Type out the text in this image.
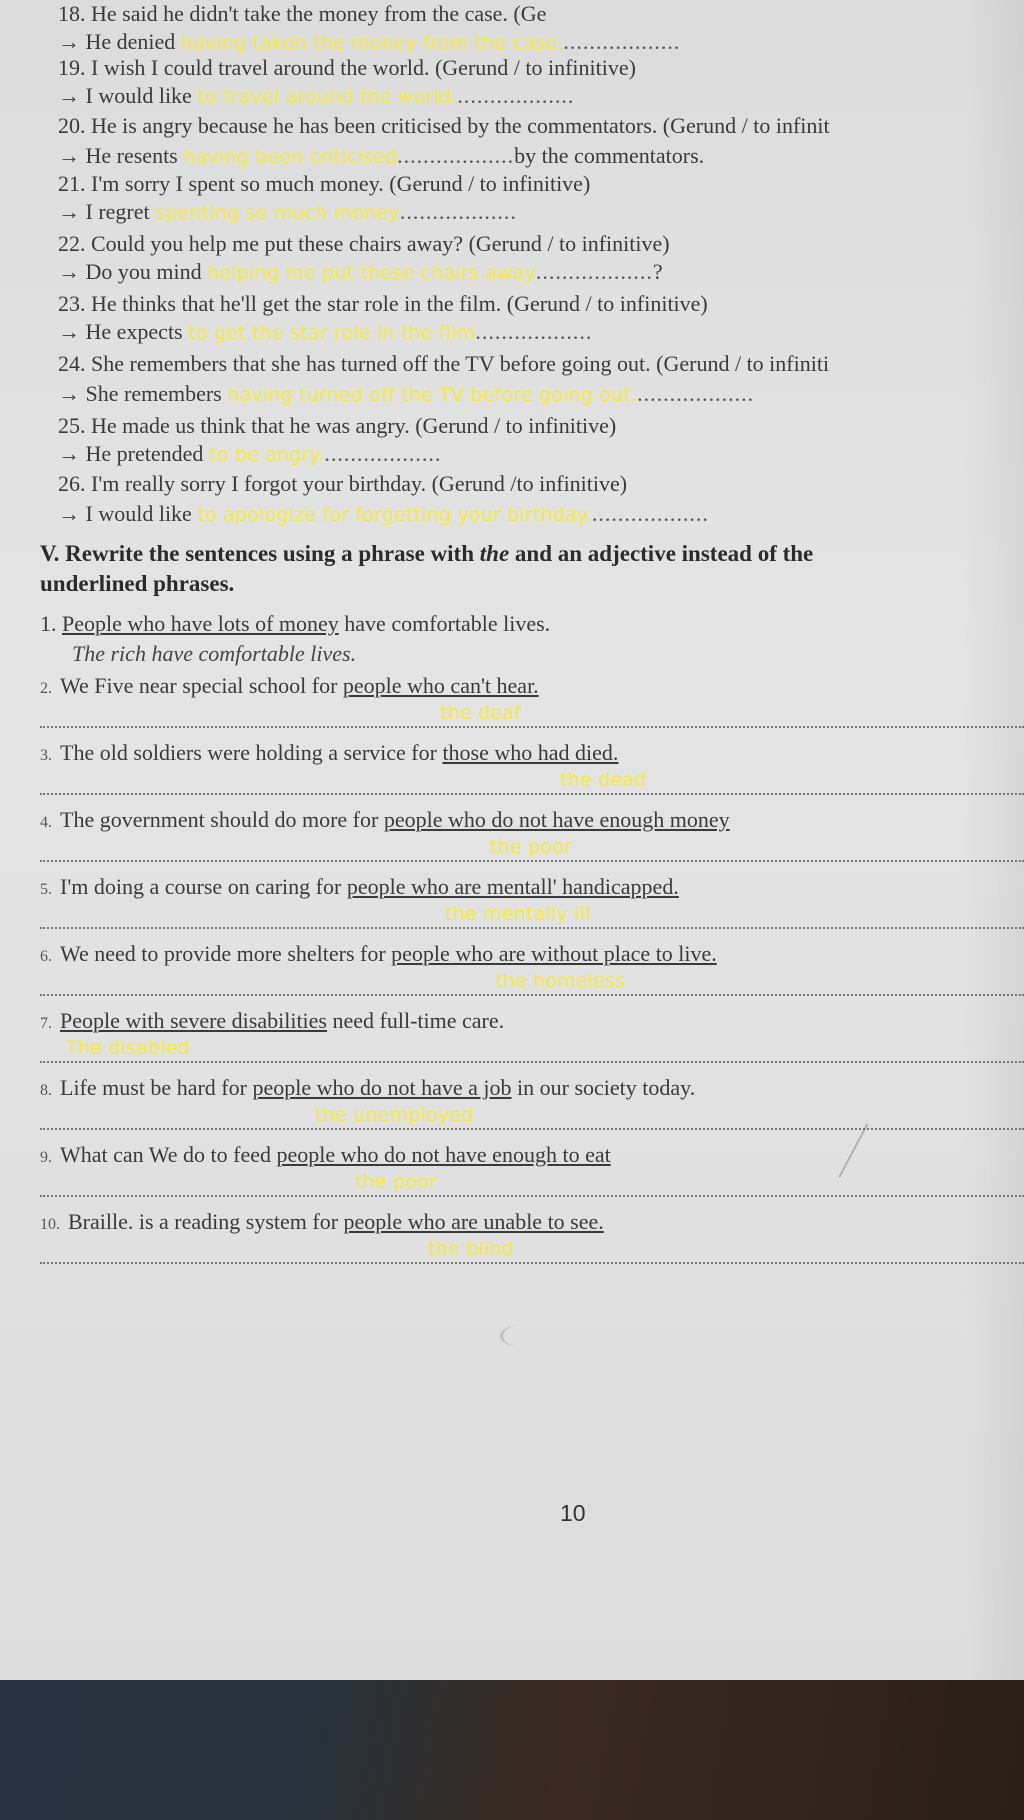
18. He said he didn't take the money from the case. (Ge
→ He denied having taken the money from the case...................
19. I wish I could travel around the world. (Gerund / to infinitive)
→ I would like to travel around the world...................
20. He is angry because he has been criticised by the commentators. (Gerund / to infinit
→ He resents having been criticised..................by the commentators.
21. I'm sorry I spent so much money. (Gerund / to infinitive)
→ I regret spenting so much money..................
22. Could you help me put these chairs away? (Gerund / to infinitive)
→ Do you mind helping me put these chairs away..................?
23. He thinks that he'll get the star role in the film. (Gerund / to infinitive)
→ He expects to get the star role in the film..................
24. She remembers that she has turned off the TV before going out. (Gerund / to infiniti
→ She remembers having turned off the TV before going out...................
25. He made us think that he was angry. (Gerund / to infinitive)
→ He pretended to be angry...................
26. I'm really sorry I forgot your birthday. (Gerund /to infinitive)
→ I would like to apologize for forgetting your birthday...................
V. Rewrite the sentences using a phrase with the and an adjective instead of the
underlined phrases.
1. People who have lots of money have comfortable lives.
The rich have comfortable lives.
2. We Five near special school for people who can't hear.
the deaf
3. The old soldiers were holding a service for those who had died.
the dead
4. The government should do more for people who do not have enough money
the poor
5. I'm doing a course on caring for people who are mentall' handicapped.
the mentally ill
6. We need to provide more shelters for people who are without place to live.
the homeless
7. People with severe disabilities need full-time care.
The disabled
8. Life must be hard for people who do not have a job in our society today.
the unemployed
9. What can We do to feed people who do not have enough to eat
the poor
10. Braille. is a reading system for people who are unable to see.
the blind
10
